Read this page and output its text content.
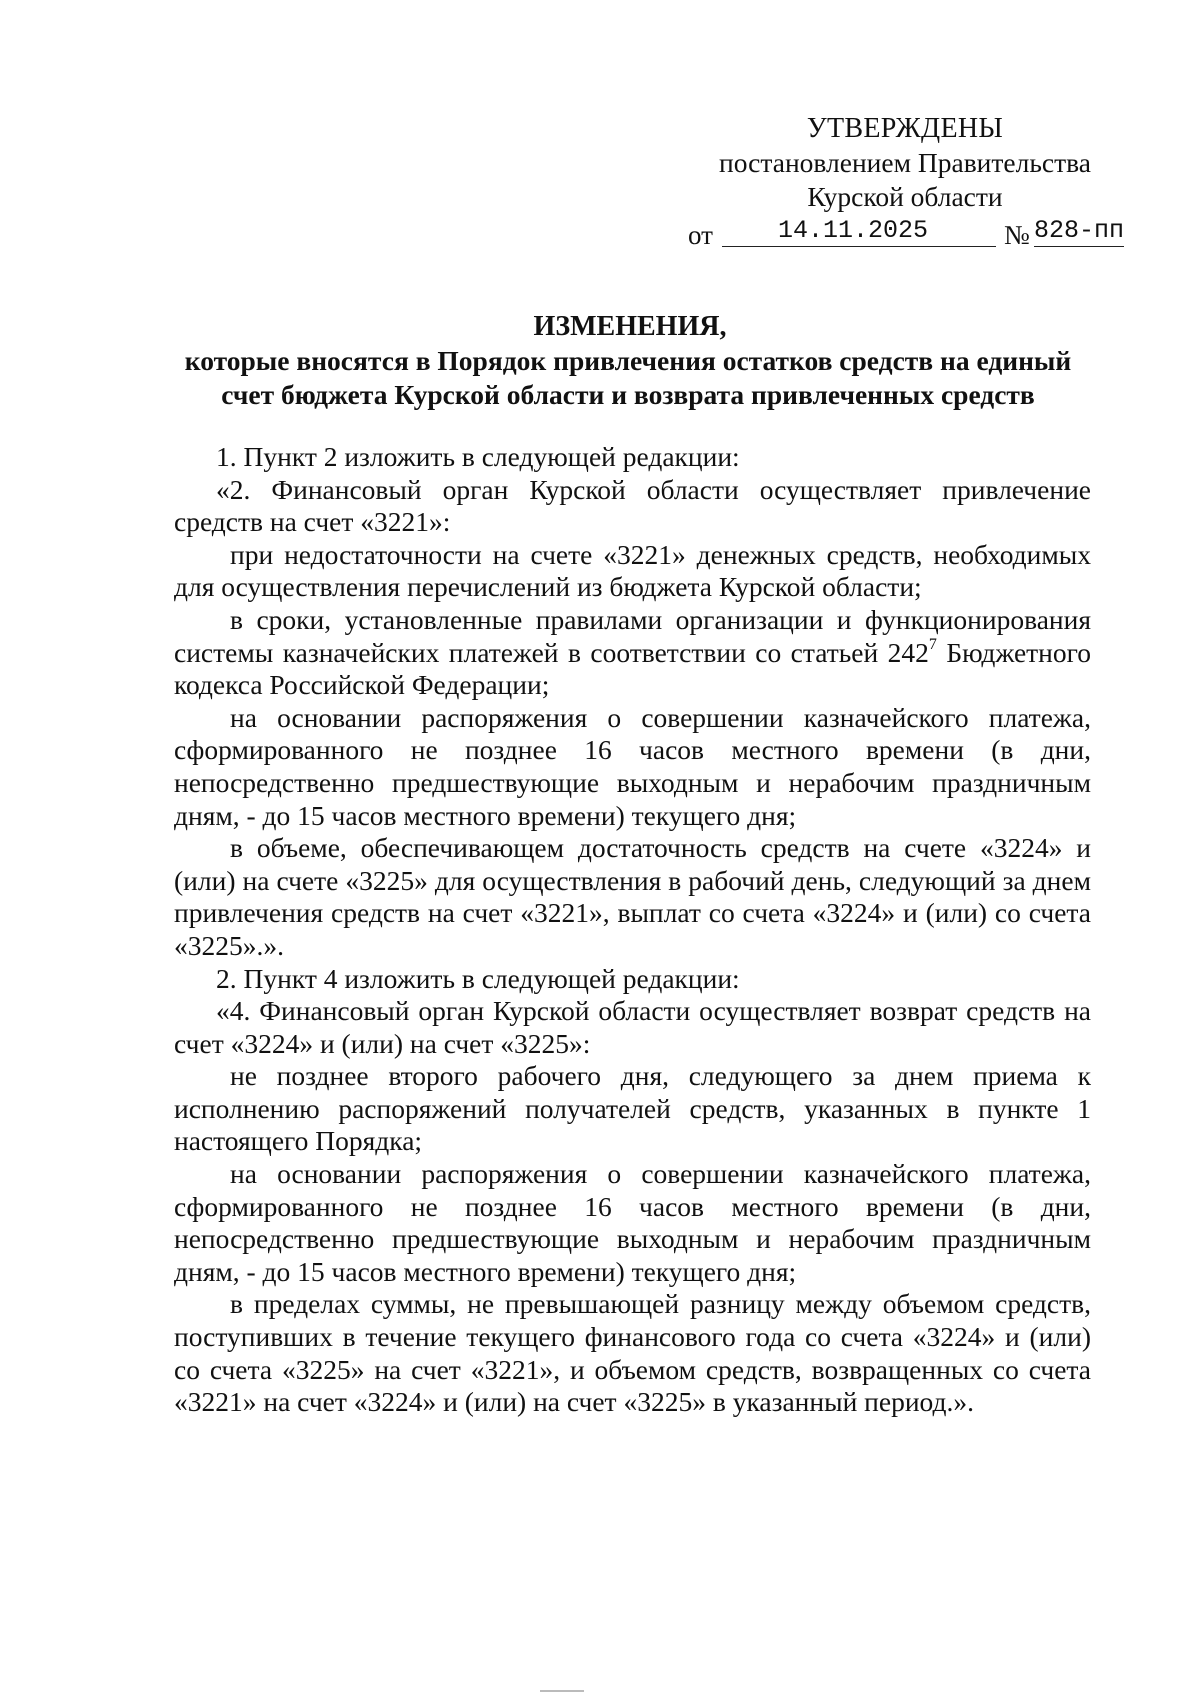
УТВЕРЖДЕНЫ
постановлением Правительства
Курской области
от	14.11.2025	№ 828-пп
ИЗМЕНЕНИЯ,
которые вносятся в Порядок привлечения остатков средств на единый счет бюджета Курской области и возврата привлеченных средств

1. Пункт 2 изложить в следующей редакции:

«2. Финансовый орган Курской области осуществляет привлечение средств на счет «3221»:

при недостаточности на счете «3221» денежных средств, необходимых для осуществления перечислений из бюджета Курской области;

в сроки, установленные правилами организации и функционирования системы казначейских платежей в соответствии со статьей $242^7$ Бюджетного кодекса Российской Федерации;

на основании распоряжения о совершении казначейского платежа, сформированного не позднее 16 часов местного времени (в дни, непосредственно предшествующие выходным и нерабочим праздничным дням, - до 15 часов местного времени) текущего дня;

в объеме, обеспечивающем достаточность средств на счете «3224» и (или) на счете «3225» для осуществления в рабочий день, следующий за днем привлечения средств на счет «3221», выплат со счета «3224» и (или) со счета «3225».».

2. Пункт 4 изложить в следующей редакции:

«4. Финансовый орган Курской области осуществляет возврат средств на счет «3224» и (или) на счет «3225»:

не позднее второго рабочего дня, следующего за днем приема к исполнению распоряжений получателей средств, указанных в пункте 1 настоящего Порядка;

на основании распоряжения о совершении казначейского платежа, сформированного не позднее 16 часов местного времени (в дни, непосредственно предшествующие выходным и нерабочим праздничным дням, - до 15 часов местного времени) текущего дня;

в пределах суммы, не превышающей разницу между объемом средств, поступивших в течение текущего финансового года со счета «3224» и (или) со счета «3225» на счет «3221», и объемом средств, возвращенных со счета «3221» на счет «3224» и (или) на счет «3225» в указанный период.».
